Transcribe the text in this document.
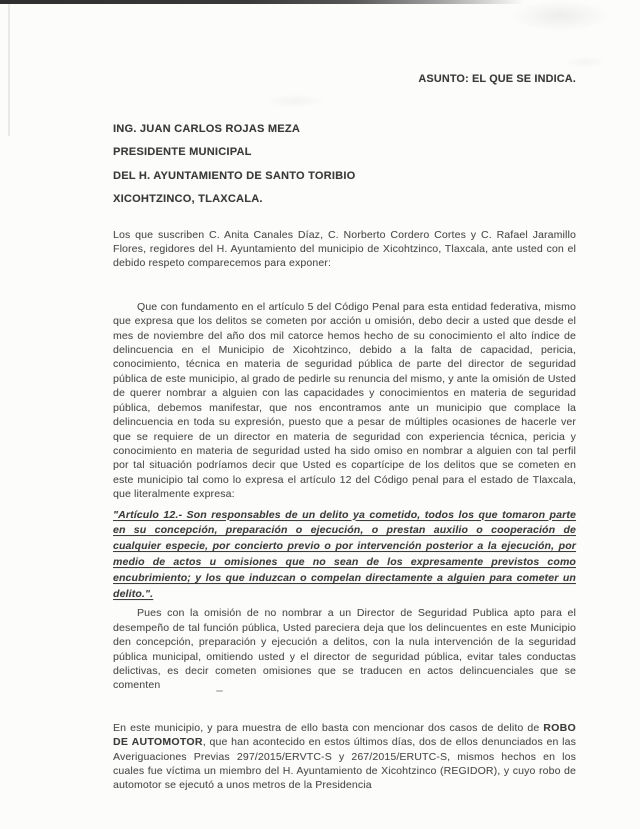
ASUNTO: EL QUE SE INDICA.
ING. JUAN CARLOS ROJAS MEZA
PRESIDENTE MUNICIPAL
DEL H. AYUNTAMIENTO DE SANTO TORIBIO
XICOHTZINCO, TLAXCALA.

Los que suscriben C. Anita Canales Díaz, C. Norberto Cordero Cortes y C. Rafael Jaramillo Flores, regidores del H. Ayuntamiento del municipio de Xicohtzinco, Tlaxcala, ante usted con el debido respeto comparecemos para exponer:

Que con fundamento en el artículo 5 del Código Penal para esta entidad federativa, mismo que expresa que los delitos se cometen por acción u omisión, debo decir a usted que desde el mes de noviembre del año dos mil catorce hemos hecho de su conocimiento el alto índice de delincuencia en el Municipio de Xicohtzinco, debido a la falta de capacidad, pericia, conocimiento, técnica en materia de seguridad pública de parte del director de seguridad pública de este municipio, al grado de pedirle su renuncia del mismo, y ante la omisión de Usted de querer nombrar a alguien con las capacidades y conocimientos en materia de seguridad pública, debemos manifestar, que nos encontramos ante un municipio que complace la delincuencia en toda su expresión, puesto que a pesar de múltiples ocasiones de hacerle ver que se requiere de un director en materia de seguridad con experiencia técnica, pericia y conocimiento en materia de seguridad usted ha sido omiso en nombrar a alguien con tal perfil por tal situación podríamos decir que Usted es copartícipe de los delitos que se cometen en este municipio tal como lo expresa el artículo 12 del Código penal para el estado de Tlaxcala, que literalmente expresa:

"Artículo 12.- Son responsables de un delito ya cometido, todos los que tomaron parte en su concepción, preparación o ejecución, o prestan auxilio o cooperación de cualquier especie, por concierto previo o por intervención posterior a la ejecución, por medio de actos u omisiones que no sean de los expresamente previstos como encubrimiento; y los que induzcan o compelan directamente a alguien para cometer un delito.".

Pues con la omisión de no nombrar a un Director de Seguridad Publica apto para el desempeño de tal función pública, Usted pareciera deja que los delincuentes en este Municipio den concepción, preparación y ejecución a delitos, con la nula intervención de la seguridad pública municipal, omitiendo usted y el director de seguridad pública, evitar tales conductas delictivas, es decir cometen omisiones que se traducen en actos delincuenciales que se comenten

En este municipio, y para muestra de ello basta con mencionar dos casos de delito de ROBO DE AUTOMOTOR, que han acontecido en estos últimos días, dos de ellos denunciados en las Averiguaciones Previas 297/2015/ERVTC-S y 267/2015/ERUTC-S, mismos hechos en los cuales fue víctima un miembro del H. Ayuntamiento de Xicohtzinco (REGIDOR), y cuyo robo de automotor se ejecutó a unos metros de la Presidencia
